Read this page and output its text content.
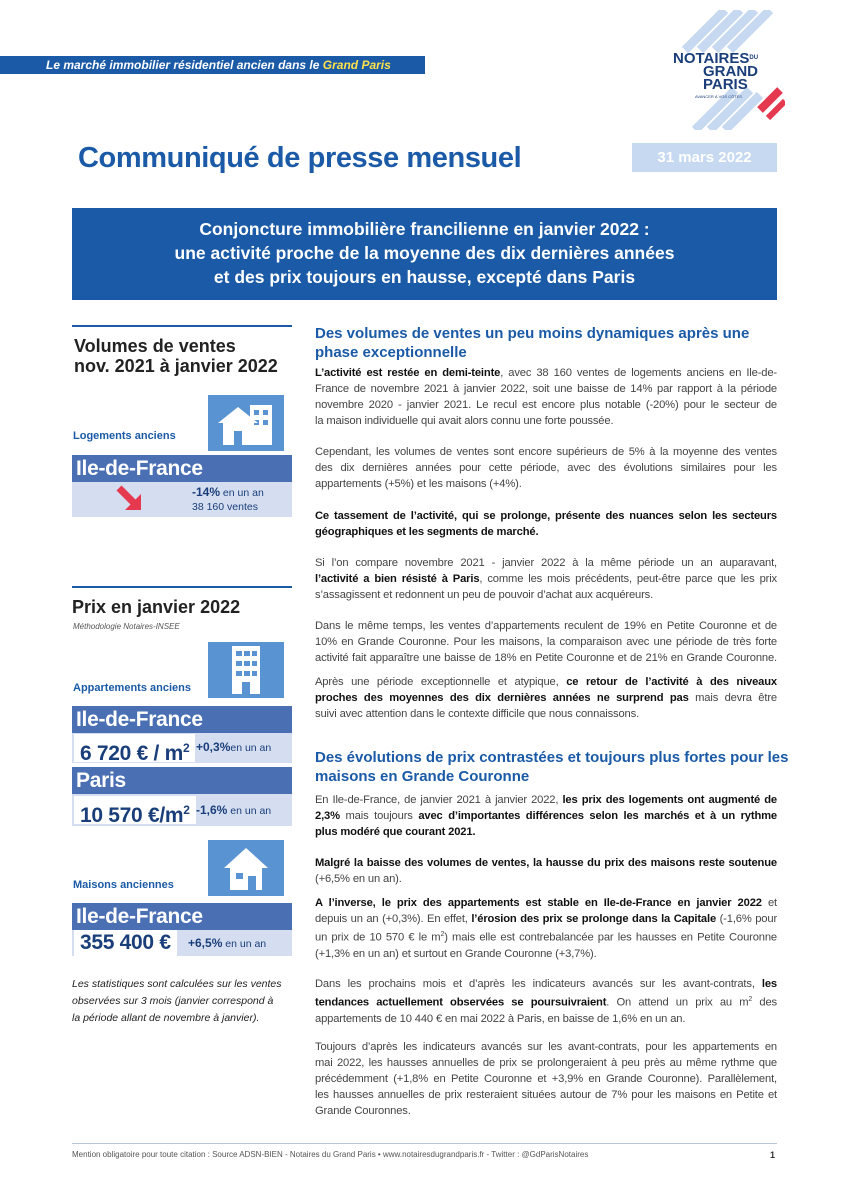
Le marché immobilier résidentiel ancien dans le Grand Paris	$NOTAIRES^{DU}$
GRAND
PARIS
AVANCER À VOS CÔTÉS
Communiqué de presse mensuel	31 mars 2022
Conjoncture immobilière francilienne en janvier 2022 :
une activité proche de la moyenne des dix dernières années
et des prix toujours en hausse, excepté dans Paris
Volumes de ventes
nov. 2021 à janvier 2022
Logements anciens
Ile-de-France
-14% en un an
38 160 ventes
Prix en janvier 2022
Méthodologie Notaires-INSEE
Appartements anciens
Ile-de-France
6 720 € / $m^2 +0,3\%en$ un an
Paris
10 570 $€/m^2$ -1,6% en un an
Maisons anciennes
Ile-de-France
355 400 €	+6,5% en un an
Les statistiques sont calculées sur les ventes
observées sur 3 mois (janvier correspond à
la période allant de novembre à janvier).
Des volumes de ventes un peu moins dynamiques après une
phase exceptionnelle
L’activité est restée en demi-teinte, avec 38 160 ventes de logements anciens en Ile-de-
France de novembre 2021 à janvier 2022, soit une baisse de 14% par rapport à la période
novembre 2020 - janvier 2021. Le recul est encore plus notable (-20%) pour le secteur de
la maison individuelle qui avait alors connu une forte poussée.
Cependant, les volumes de ventes sont encore supérieurs de 5% à la moyenne des ventes
des dix dernières années pour cette période, avec des évolutions similaires pour les
appartements (+5%) et les maisons (+4%).
Ce tassement de l’activité, qui se prolonge, présente des nuances selon les secteurs
géographiques et les segments de marché.
Si l’on compare novembre 2021 - janvier 2022 à la même période un an auparavant,
l’activité a bien résisté à Paris, comme les mois précédents, peut-être parce que les prix
s’assagissent et redonnent un peu de pouvoir d’achat aux acquéreurs.
Dans le même temps, les ventes d’appartements reculent de 19% en Petite Couronne et de
10% en Grande Couronne. Pour les maisons, la comparaison avec une période de très forte
activité fait apparaître une baisse de 18% en Petite Couronne et de 21% en Grande Couronne.
Après une période exceptionnelle et atypique, ce retour de l’activité à des niveaux
proches des moyennes des dix dernières années ne surprend pas mais devra être
suivi avec attention dans le contexte difficile que nous connaissons.
Des évolutions de prix contrastées et toujours plus fortes pour les
maisons en Grande Couronne
En Ile-de-France, de janvier 2021 à janvier 2022, les prix des logements ont augmenté de
2,3% mais toujours avec d’importantes différences selon les marchés et à un rythme
plus modéré que courant 2021.
Malgré la baisse des volumes de ventes, la hausse du prix des maisons reste soutenue
(+6,5% en un an).
A l’inverse, le prix des appartements est stable en Ile-de-France en janvier 2022 et
depuis un an (+0,3%). En effet, l’érosion des prix se prolonge dans la Capitale (-1,6% pour
un prix de 10 570 € le $m^2$) mais elle est contrebalancée par les hausses en Petite Couronne
(+1,3% en un an) et surtout en Grande Couronne (+3,7%).
Dans les prochains mois et d’après les indicateurs avancés sur les avant-contrats, les
tendances actuellement observées se poursuivraient. On attend un prix au $m^2$ des
appartements de 10 440 € en mai 2022 à Paris, en baisse de 1,6% en un an.
Toujours d’après les indicateurs avancés sur les avant-contrats, pour les appartements en
mai 2022, les hausses annuelles de prix se prolongeraient à peu près au même rythme que
précédemment (+1,8% en Petite Couronne et +3,9% en Grande Couronne). Parallèlement,
les hausses annuelles de prix resteraient situées autour de 7% pour les maisons en Petite et
Grande Couronnes.
Mention obligatoire pour toute citation : Source ADSN-BIEN - Notaires du Grand Paris • www.notairesdugrandparis.fr - Twitter : @GdParisNotaires	1
